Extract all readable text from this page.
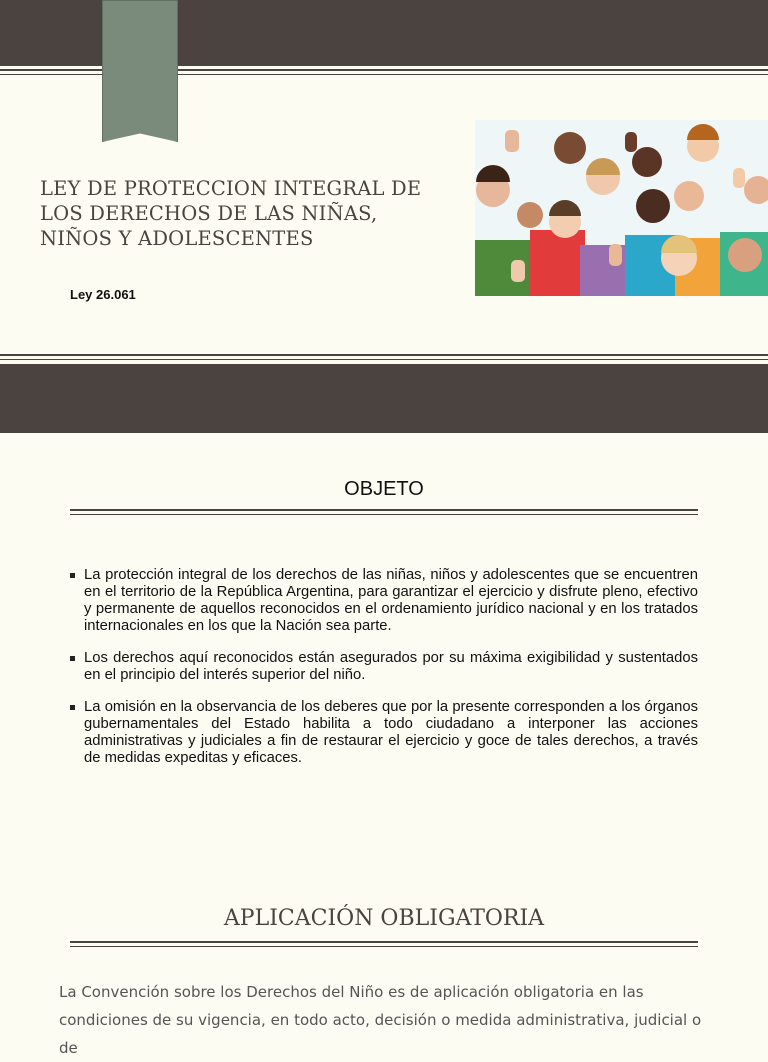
LEY DE PROTECCION INTEGRAL DE LOS DERECHOS DE LAS NIÑAS, NIÑOS Y ADOLESCENTES
Ley 26.061
OBJETO
La protección integral de los derechos de las niñas, niños y adolescentes que se encuentren en el territorio de la República Argentina, para garantizar el ejercicio y disfrute pleno, efectivo y permanente de aquellos reconocidos en el ordenamiento jurídico nacional y en los tratados internacionales en los que la Nación sea parte.
Los derechos aquí reconocidos están asegurados por su máxima exigibilidad y sustentados en el principio del interés superior del niño.
La omisión en la observancia de los deberes que por la presente corresponden a los órganos gubernamentales del Estado habilita a todo ciudadano a interponer las acciones administrativas y judiciales a fin de restaurar el ejercicio y goce de tales derechos, a través de medidas expeditas y eficaces.
APLICACIÓN OBLIGATORIA

La Convención sobre los Derechos del Niño es de aplicación obligatoria en las condiciones de su vigencia, en todo acto, decisión o medida administrativa, judicial o de
